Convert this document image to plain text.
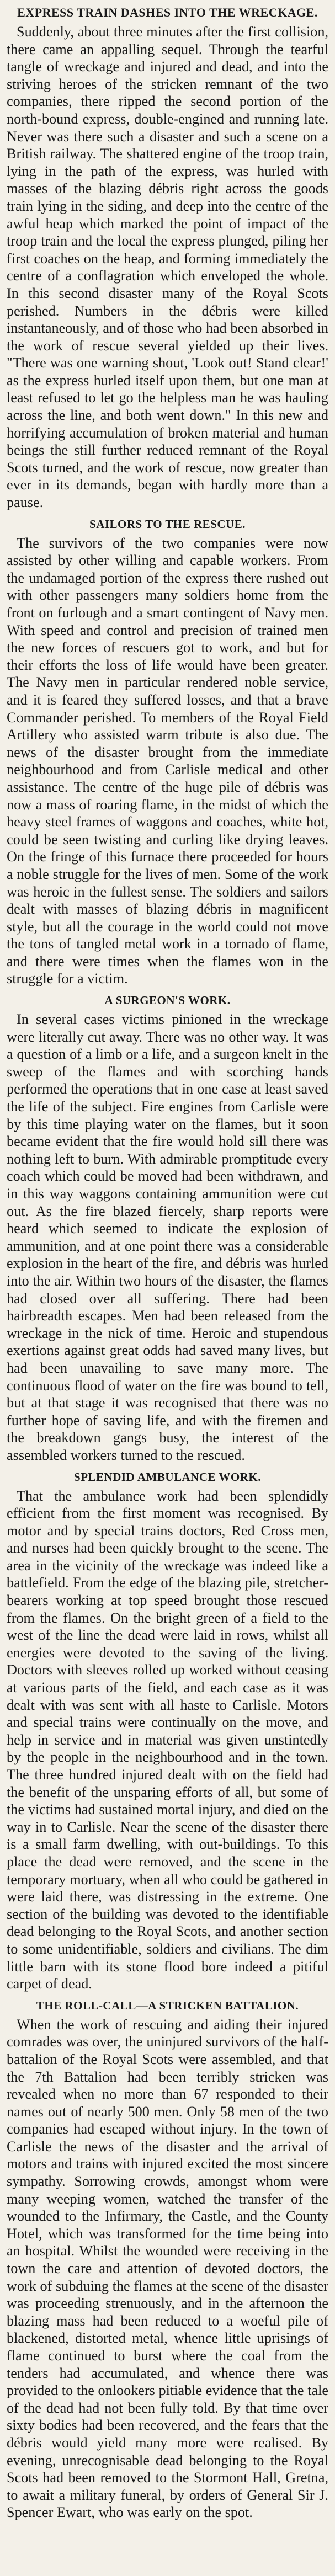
EXPRESS TRAIN DASHES INTO THE WRECKAGE.

Suddenly, about three minutes after the first collision, there came an appalling sequel. Through the tearful tangle of wreckage and injured and dead, and into the striving heroes of the stricken remnant of the two companies, there ripped the second portion of the north-bound express, double-engined and running late. Never was there such a disaster and such a scene on a British railway. The shattered engine of the troop train, lying in the path of the express, was hurled with masses of the blazing débris right across the goods train lying in the siding, and deep into the centre of the awful heap which marked the point of impact of the troop train and the local the express plunged, piling her first coaches on the heap, and forming immediately the centre of a conflagration which enveloped the whole. In this second disaster many of the Royal Scots perished. Numbers in the débris were killed instantaneously, and of those who had been absorbed in the work of rescue several yielded up their lives. "There was one warning shout, 'Look out! Stand clear!' as the express hurled itself upon them, but one man at least refused to let go the helpless man he was hauling across the line, and both went down." In this new and horrifying accumulation of broken material and human beings the still further reduced remnant of the Royal Scots turned, and the work of rescue, now greater than ever in its demands, began with hardly more than a pause.

SAILORS TO THE RESCUE.

The survivors of the two companies were now assisted by other willing and capable workers. From the undamaged portion of the express there rushed out with other passengers many soldiers home from the front on furlough and a smart contingent of Navy men. With speed and control and precision of trained men the new forces of rescuers got to work, and but for their efforts the loss of life would have been greater. The Navy men in particular rendered noble service, and it is feared they suffered losses, and that a brave Commander perished. To members of the Royal Field Artillery who assisted warm tribute is also due. The news of the disaster brought from the immediate neighbourhood and from Carlisle medical and other assistance. The centre of the huge pile of débris was now a mass of roaring flame, in the midst of which the heavy steel frames of waggons and coaches, white hot, could be seen twisting and curling like drying leaves. On the fringe of this furnace there proceeded for hours a noble struggle for the lives of men. Some of the work was heroic in the fullest sense. The soldiers and sailors dealt with masses of blazing débris in magnificent style, but all the courage in the world could not move the tons of tangled metal work in a tornado of flame, and there were times when the flames won in the struggle for a victim.

A SURGEON'S WORK.

In several cases victims pinioned in the wreckage were literally cut away. There was no other way. It was a question of a limb or a life, and a surgeon knelt in the sweep of the flames and with scorching hands performed the operations that in one case at least saved the life of the subject. Fire engines from Carlisle were by this time playing water on the flames, but it soon became evident that the fire would hold sill there was nothing left to burn. With admirable promptitude every coach which could be moved had been withdrawn, and in this way waggons containing ammunition were cut out. As the fire blazed fiercely, sharp reports were heard which seemed to indicate the explosion of ammunition, and at one point there was a considerable explosion in the heart of the fire, and débris was hurled into the air. Within two hours of the disaster, the flames had closed over all suffering. There had been hairbreadth escapes. Men had been released from the wreckage in the nick of time. Heroic and stupendous exertions against great odds had saved many lives, but had been unavailing to save many more. The continuous flood of water on the fire was bound to tell, but at that stage it was recognised that there was no further hope of saving life, and with the firemen and the breakdown gangs busy, the interest of the assembled workers turned to the rescued.

SPLENDID AMBULANCE WORK.

That the ambulance work had been splendidly efficient from the first moment was recognised. By motor and by special trains doctors, Red Cross men, and nurses had been quickly brought to the scene. The area in the vicinity of the wreckage was indeed like a battlefield. From the edge of the blazing pile, stretcher-bearers working at top speed brought those rescued from the flames. On the bright green of a field to the west of the line the dead were laid in rows, whilst all energies were devoted to the saving of the living. Doctors with sleeves rolled up worked without ceasing at various parts of the field, and each case as it was dealt with was sent with all haste to Carlisle. Motors and special trains were continually on the move, and help in service and in material was given unstintedly by the people in the neighbourhood and in the town. The three hundred injured dealt with on the field had the benefit of the unsparing efforts of all, but some of the victims had sustained mortal injury, and died on the way in to Carlisle. Near the scene of the disaster there is a small farm dwelling, with out-buildings. To this place the dead were removed, and the scene in the temporary mortuary, when all who could be gathered in were laid there, was distressing in the extreme. One section of the building was devoted to the identifiable dead belonging to the Royal Scots, and another section to some unidentifiable, soldiers and civilians. The dim little barn with its stone flood bore indeed a pitiful carpet of dead.

THE ROLL-CALL—A STRICKEN BATTALION.

When the work of rescuing and aiding their injured comrades was over, the uninjured survivors of the half-battalion of the Royal Scots were assembled, and that the 7th Battalion had been terribly stricken was revealed when no more than 67 responded to their names out of nearly 500 men. Only 58 men of the two companies had escaped without injury. In the town of Carlisle the news of the disaster and the arrival of motors and trains with injured excited the most sincere sympathy. Sorrowing crowds, amongst whom were many weeping women, watched the transfer of the wounded to the Infirmary, the Castle, and the County Hotel, which was transformed for the time being into an hospital. Whilst the wounded were receiving in the town the care and attention of devoted doctors, the work of subduing the flames at the scene of the disaster was proceeding strenuously, and in the afternoon the blazing mass had been reduced to a woeful pile of blackened, distorted metal, whence little uprisings of flame continued to burst where the coal from the tenders had accumulated, and whence there was provided to the onlookers pitiable evidence that the tale of the dead had not been fully told. By that time over sixty bodies had been recovered, and the fears that the débris would yield many more were realised. By evening, unrecognisable dead belonging to the Royal Scots had been removed to the Stormont Hall, Gretna, to await a military funeral, by orders of General Sir J. Spencer Ewart, who was early on the spot.
